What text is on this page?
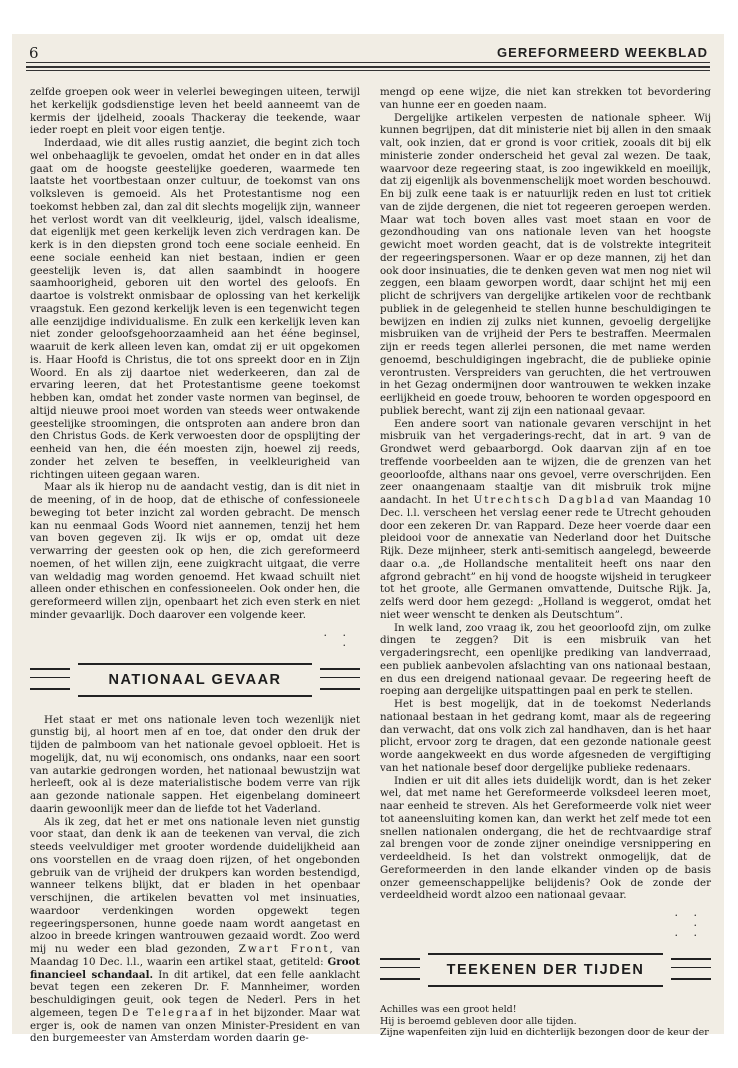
6	GEREFORMEERD WEEKBLAD

zelfde groepen ook weer in velerlei bewegingen uiteen, terwijl het kerkelijk godsdienstige leven het beeld aanneemt van de kermis der ijdelheid, zooals Thackeray die teekende, waar ieder roept en pleit voor eigen tentje.

Inderdaad, wie dit alles rustig aanziet, die begint zich toch wel onbehaaglijk te gevoelen, omdat het onder en in dat alles gaat om de hoogste geestelijke goederen, waarmede ten laatste het voortbestaan onzer cultuur, de toekomst van ons volksleven is gemoeid. Als het Protestantisme nog een toekomst hebben zal, dan zal dit slechts mogelijk zijn, wanneer het verlost wordt van dit veelkleurig, ijdel, valsch idealisme, dat eigenlijk met geen kerkelijk leven zich verdragen kan. De kerk is in den diepsten grond toch eene sociale eenheid. En eene sociale eenheid kan niet bestaan, indien er geen geestelijk leven is, dat allen saambindt in hoogere saamhoorigheid, geboren uit den wortel des geloofs. En daartoe is volstrekt onmisbaar de oplossing van het kerkelijk vraagstuk. Een gezond kerkelijk leven is een tegenwicht tegen alle eenzijdige individualisme. En zulk een kerkelijk leven kan niet zonder geloofsgehoorzaamheid aan het ééne beginsel, waaruit de kerk alleen leven kan, omdat zij er uit opgekomen is. Haar Hoofd is Christus, die tot ons spreekt door en in Zijn Woord. En als zij daartoe niet wederkeeren, dan zal de ervaring leeren, dat het Protestantisme geene toekomst hebben kan, omdat het zonder vaste normen van beginsel, de altijd nieuwe prooi moet worden van steeds weer ontwakende geestelijke stroomingen, die ontsproten aan andere bron dan den Christus Gods. de Kerk verwoesten door de opsplijting der eenheid van hen, die één moesten zijn, hoewel zij reeds, zonder het zelven te beseffen, in veelkleurigheid van richtingen uiteen gegaan waren.

Maar als ik hierop nu de aandacht vestig, dan is dit niet in de meening, of in de hoop, dat de ethische of confessioneele beweging tot beter inzicht zal worden gebracht. De mensch kan nu eenmaal Gods Woord niet aannemen, tenzij het hem van boven gegeven zij. Ik wijs er op, omdat uit deze verwarring der geesten ook op hen, die zich gereformeerd noemen, of het willen zijn, eene zuigkracht uitgaat, die verre van weldadig mag worden genoemd. Het kwaad schuilt niet alleen onder ethischen en confessioneelen. Ook onder hen, die gereformeerd willen zijn, openbaart het zich even sterk en niet minder gevaarlijk. Doch daarover een volgende keer.

. .
.
NATIONAAL GEVAAR

Het staat er met ons nationale leven toch wezenlijk niet gunstig bij, al hoort men af en toe, dat onder den druk der tijden de palmboom van het nationale gevoel opbloeit. Het is mogelijk, dat, nu wij economisch, ons ondanks, naar een soort van autarkie gedrongen worden, het nationaal bewustzijn wat herleeft, ook al is deze materialistische bodem verre van rijk aan gezonde nationale sappen. Het eigenbelang domineert daarin gewoonlijk meer dan de liefde tot het Vaderland.

Als ik zeg, dat het er met ons nationale leven niet gunstig voor staat, dan denk ik aan de teekenen van verval, die zich steeds veelvuldiger met grooter wordende duidelijkheid aan ons voorstellen en de vraag doen rijzen, of het ongebonden gebruik van de vrijheid der drukpers kan worden bestendigd, wanneer telkens blijkt, dat er bladen in het openbaar verschijnen, die artikelen bevatten vol met insinuaties, waardoor verdenkingen worden opgewekt tegen regeeringspersonen, hunne goede naam wordt aangetast en alzoo in breede kringen wantrouwen gezaaid wordt. Zoo werd mij nu weder een blad gezonden, Zwart Front, van Maandag 10 Dec. l.l., waarin een artikel staat, getiteld: Groot financieel schandaal. In dit artikel, dat een felle aanklacht bevat tegen een zekeren Dr. F. Mannheimer, worden beschuldigingen geuit, ook tegen de Nederl. Pers in het algemeen, tegen De Telegraaf in het bijzonder. Maar wat erger is, ook de namen van onzen Minister-President en van den burgemeester van Amsterdam worden daarin ge-

mengd op eene wijze, die niet kan strekken tot bevordering van hunne eer en goeden naam.

Dergelijke artikelen verpesten de nationale spheer. Wij kunnen begrijpen, dat dit ministerie niet bij allen in den smaak valt, ook inzien, dat er grond is voor critiek, zooals dit bij elk ministerie zonder onderscheid het geval zal wezen. De taak, waarvoor deze regeering staat, is zoo ingewikkeld en moeilijk, dat zij eigenlijk als bovenmenschelijk moet worden beschouwd. En bij zulk eene taak is er natuurlijk reden en lust tot critiek van de zijde dergenen, die niet tot regeeren geroepen werden. Maar wat toch boven alles vast moet staan en voor de gezondhouding van ons nationale leven van het hoogste gewicht moet worden geacht, dat is de volstrekte integriteit der regeeringspersonen. Waar er op deze mannen, zij het dan ook door insinuaties, die te denken geven wat men nog niet wil zeggen, een blaam geworpen wordt, daar schijnt het mij een plicht de schrijvers van dergelijke artikelen voor de rechtbank publiek in de gelegenheid te stellen hunne beschuldigingen te bewijzen en indien zij zulks niet kunnen, gevoelig dergelijke misbruiken van de vrijheid der Pers te bestraffen. Meermalen zijn er reeds tegen allerlei personen, die met name werden genoemd, beschuldigingen ingebracht, die de publieke opinie verontrusten. Verspreiders van geruchten, die het vertrouwen in het Gezag ondermijnen door wantrouwen te wekken inzake eerlijkheid en goede trouw, behooren te worden opgespoord en publiek berecht, want zij zijn een nationaal gevaar.

Een andere soort van nationale gevaren verschijnt in het misbruik van het vergaderings-recht, dat in art. 9 van de Grondwet werd gebaarborgd. Ook daarvan zijn af en toe treffende voorbeelden aan te wijzen, die de grenzen van het geoorloofde, althans naar ons gevoel, verre overschrijden. Een zeer onaangenaam staaltje van dit misbruik trok mijne aandacht. In het Utrechtsch Dagblad van Maandag 10 Dec. l.l. verscheen het verslag eener rede te Utrecht gehouden door een zekeren Dr. van Rappard. Deze heer voerde daar een pleidooi voor de annexatie van Nederland door het Duitsche Rijk. Deze mijnheer, sterk anti-semitisch aangelegd, beweerde daar o.a. „de Hollandsche mentaliteit heeft ons naar den afgrond gebracht” en hij vond de hoogste wijsheid in terugkeer tot het groote, alle Germanen omvattende, Duitsche Rijk. Ja, zelfs werd door hem gezegd: „Holland is weggerot, omdat het niet weer wenscht te denken als Deutschtum”.

In welk land, zoo vraag ik, zou het geoorloofd zijn, om zulke dingen te zeggen? Dit is een misbruik van het vergaderingsrecht, een openlijke prediking van landverraad, een publiek aanbevolen afslachting van ons nationaal bestaan, en dus een dreigend nationaal gevaar. De regeering heeft de roeping aan dergelijke uitspattingen paal en perk te stellen.

Het is best mogelijk, dat in de toekomst Nederlands nationaal bestaan in het gedrang komt, maar als de regeering dan verwacht, dat ons volk zich zal handhaven, dan is het haar plicht, ervoor zorg te dragen, dat een gezonde nationale geest worde aangekweekt en dus worde afgesneden de vergiftiging van het nationale besef door dergelijke publieke redenaars.

Indien er uit dit alles iets duidelijk wordt, dan is het zeker wel, dat met name het Gereformeerde volksdeel leeren moet, naar eenheid te streven. Als het Gereformeerde volk niet weer tot aaneensluiting komen kan, dan werkt het zelf mede tot een snellen nationalen ondergang, die het de rechtvaardige straf zal brengen voor de zonde zijner oneindige versnippering en verdeeldheid. Is het dan volstrekt onmogelijk, dat de Gereformeerden in den lande elkander vinden op de basis onzer gemeenschappelijke belijdenis? Ook de zonde der verdeeldheid wordt alzoo een nationaal gevaar.

. .
.
. .
TEEKENEN DER TIJDEN
Achilles was een groot held!
Hij is beroemd gebleven door alle tijden.
Zijne wapenfeiten zijn luid en dichterlijk bezongen door de keur der
